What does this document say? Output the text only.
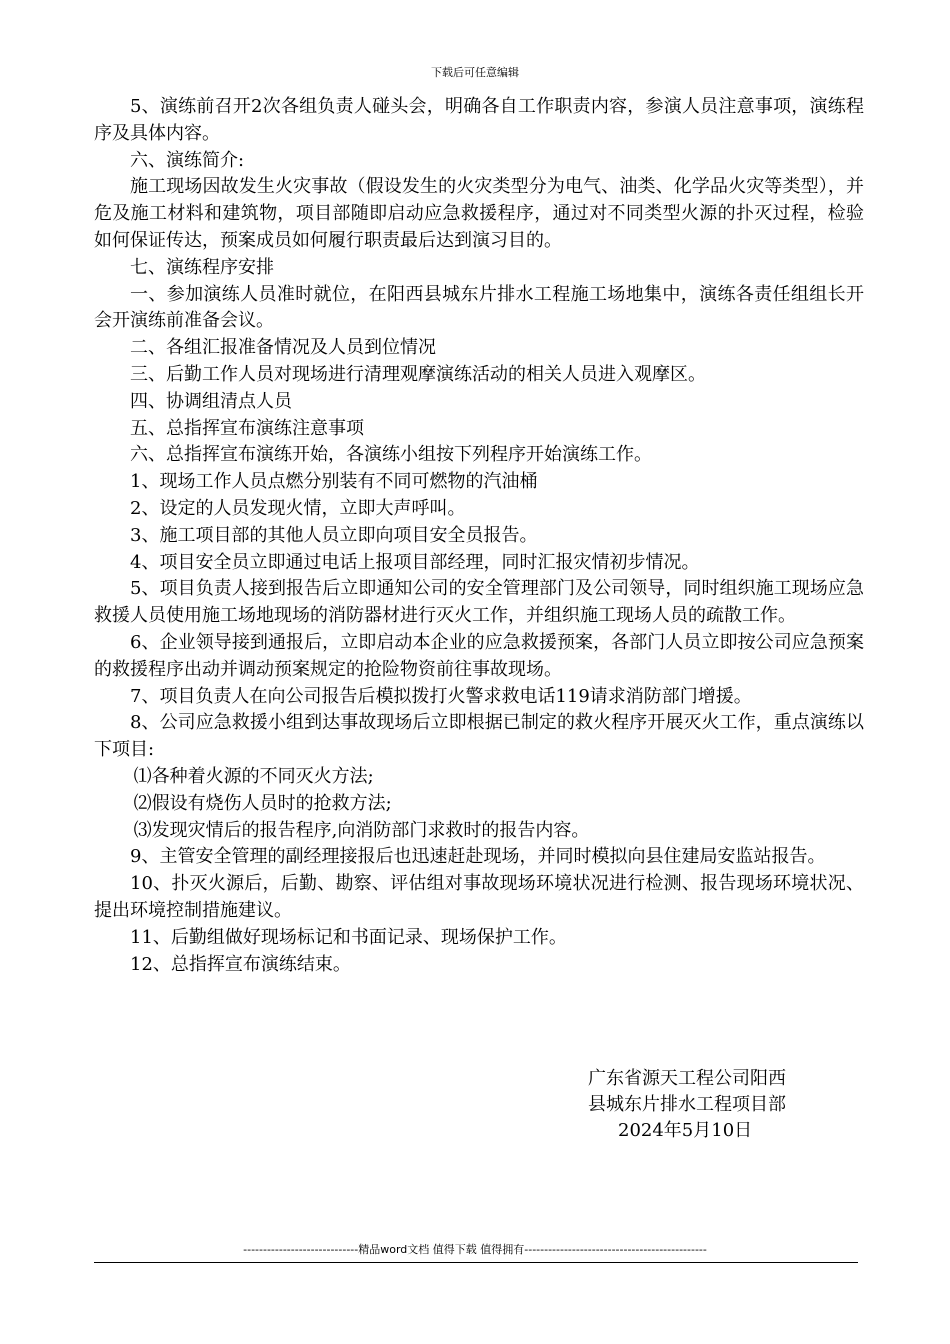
下载后可任意编辑

5、演练前召开2次各组负责人碰头会，明确各自工作职责内容，参演人员注意事项，演练程序及具体内容。

六、演练简介:

施工现场因故发生火灾事故（假设发生的火灾类型分为电气、油类、化学品火灾等类型），并危及施工材料和建筑物，项目部随即启动应急救援程序，通过对不同类型火源的扑灭过程，检验如何保证传达，预案成员如何履行职责最后达到演习目的。

七、演练程序安排

一、参加演练人员准时就位，在阳西县城东片排水工程施工场地集中，演练各责任组组长开会开演练前准备会议。

二、各组汇报准备情况及人员到位情况

三、后勤工作人员对现场进行清理观摩演练活动的相关人员进入观摩区。

四、协调组清点人员

五、总指挥宣布演练注意事项

六、总指挥宣布演练开始，各演练小组按下列程序开始演练工作。

1、现场工作人员点燃分别装有不同可燃物的汽油桶

2、设定的人员发现火情，立即大声呼叫。

3、施工项目部的其他人员立即向项目安全员报告。

4、项目安全员立即通过电话上报项目部经理，同时汇报灾情初步情况。

5、项目负责人接到报告后立即通知公司的安全管理部门及公司领导，同时组织施工现场应急救援人员使用施工场地现场的消防器材进行灭火工作，并组织施工现场人员的疏散工作。

6、企业领导接到通报后，立即启动本企业的应急救援预案，各部门人员立即按公司应急预案的救援程序出动并调动预案规定的抢险物资前往事故现场。

7、项目负责人在向公司报告后模拟拨打火警求救电话119请求消防部门增援。

8、公司应急救援小组到达事故现场后立即根据已制定的救火程序开展灭火工作，重点演练以下项目:

⑴各种着火源的不同灭火方法;

⑵假设有烧伤人员时的抢救方法;

⑶发现灾情后的报告程序,向消防部门求救时的报告内容。

9、主管安全管理的副经理接报后也迅速赶赴现场，并同时模拟向县住建局安监站报告。

10、扑灭火源后，后勤、勘察、评估组对事故现场环境状况进行检测、报告现场环境状况、提出环境控制措施建议。

11、后勤组做好现场标记和书面记录、现场保护工作。

12、总指挥宣布演练结束。

广东省源天工程公司阳西
县城东片排水工程项目部
2024年5月10日
-----------------------------精品word文档 值得下载 值得拥有----------------------------------------------
